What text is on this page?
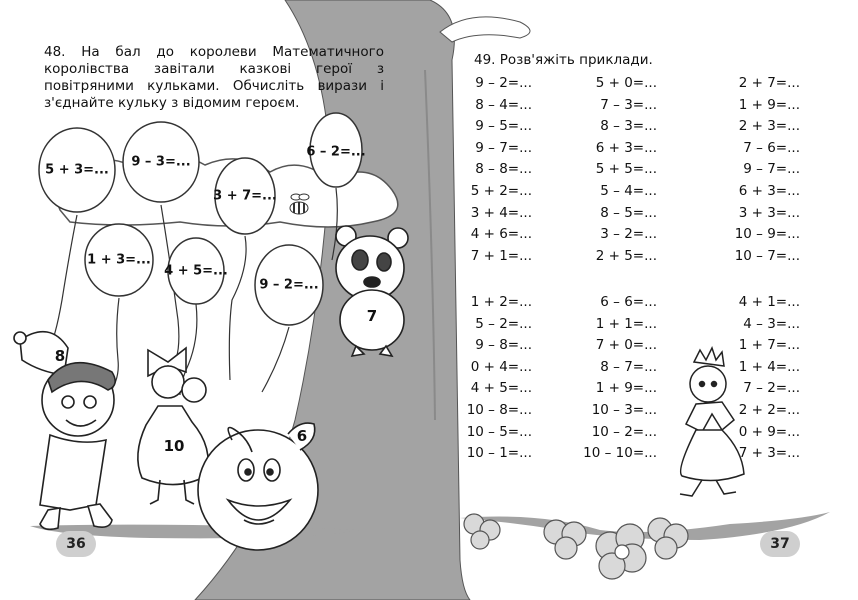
48. На бал до королеви Математичного королівства завітали казкові герої з повітряними кульками. Обчисліть вирази і з'єднайте кульку з відомим героєм.
5 + 3=...
9 – 3=...
3 + 7=...
6 – 2=...
1 + 3=...
4 + 5=...
9 – 2=...
8
10
6
7
36
49. Розв'яжіть приклади.
9 – 2=...
8 – 4=...
9 – 5=...
9 – 7=...
8 – 8=...
5 + 2=...
3 + 4=...
4 + 6=...
7 + 1=...
5 + 0=...
7 – 3=...
8 – 3=...
6 + 3=...
5 + 5=...
5 – 4=...
8 – 5=...
3 – 2=...
2 + 5=...
2 + 7=...
1 + 9=...
2 + 3=...
7 – 6=...
9 – 7=...
6 + 3=...
3 + 3=...
10 – 9=...
10 – 7=...
1 + 2=...
5 – 2=...
9 – 8=...
0 + 4=...
4 + 5=...
10 – 8=...
10 – 5=...
10 – 1=...
6 – 6=...
1 + 1=...
7 + 0=...
8 – 7=...
1 + 9=...
10 – 3=...
10 – 2=...
10 – 10=...
4 + 1=...
4 – 3=...
1 + 7=...
1 + 4=...
7 – 2=...
2 + 2=...
0 + 9=...
7 + 3=...
37
